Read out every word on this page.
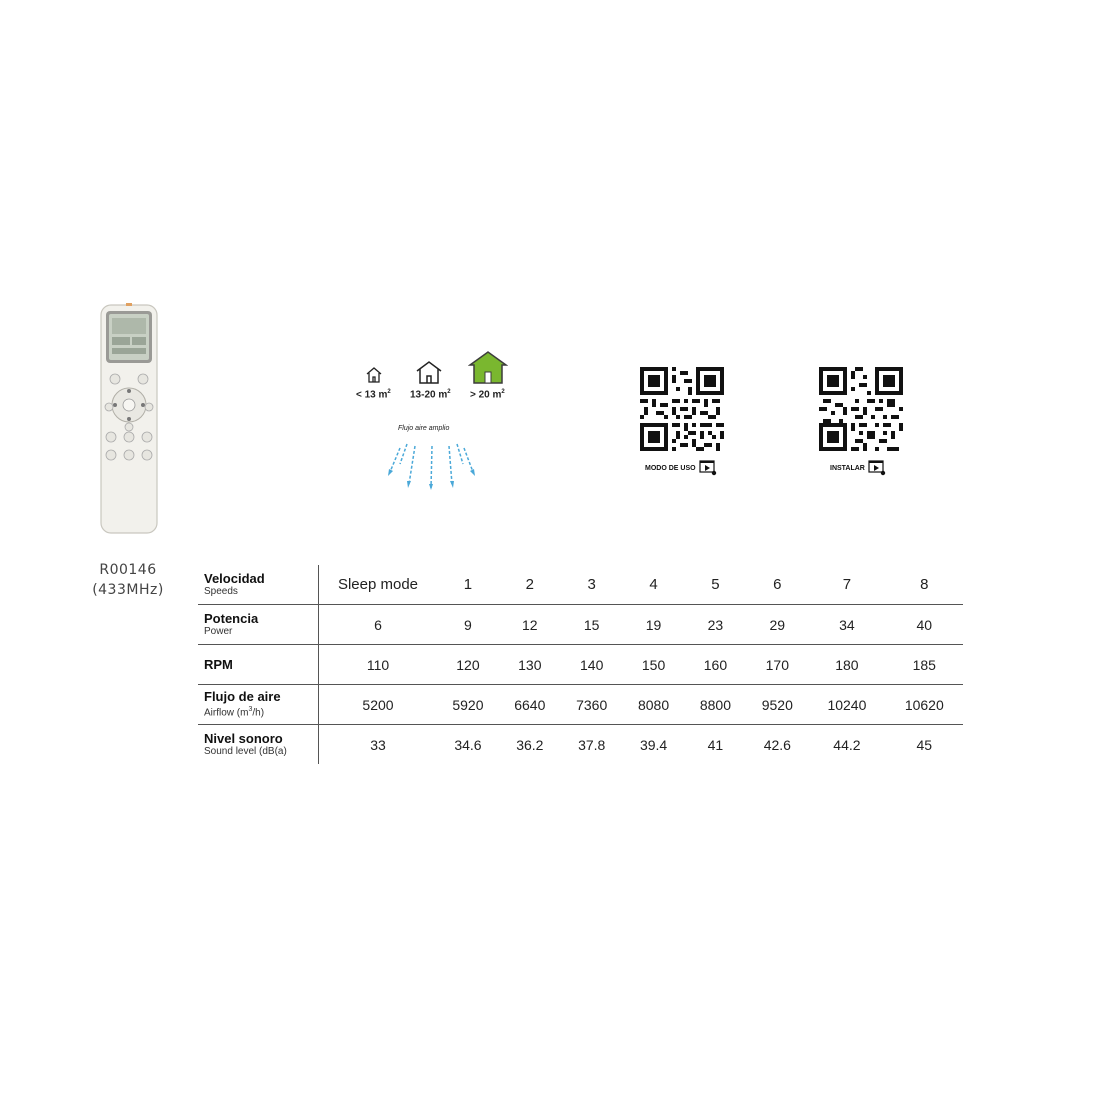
R00146
(433MHz)
< 13 $m^2$ 13-20 $m^2 > 20$ $m^2$
Flujo aire amplio
MODO DE USO	INSTALAR
Velocidad
Speeds	Sleep mode	1	2	3	4	5	6	7	8

Potencia
Power	6	9	12	15	19	23	29	34	40

RPM	110	120	130	140	150	160	170	180	185

Flujo de aire
Airflow $(m^3/h)$	5200	5920	6640	7360	8080	8800	9520	10240	10620

Nivel sonoro
Sound level (dB(a)	33	34.6	36.2	37.8	39.4	41	42.6	44.2	45
